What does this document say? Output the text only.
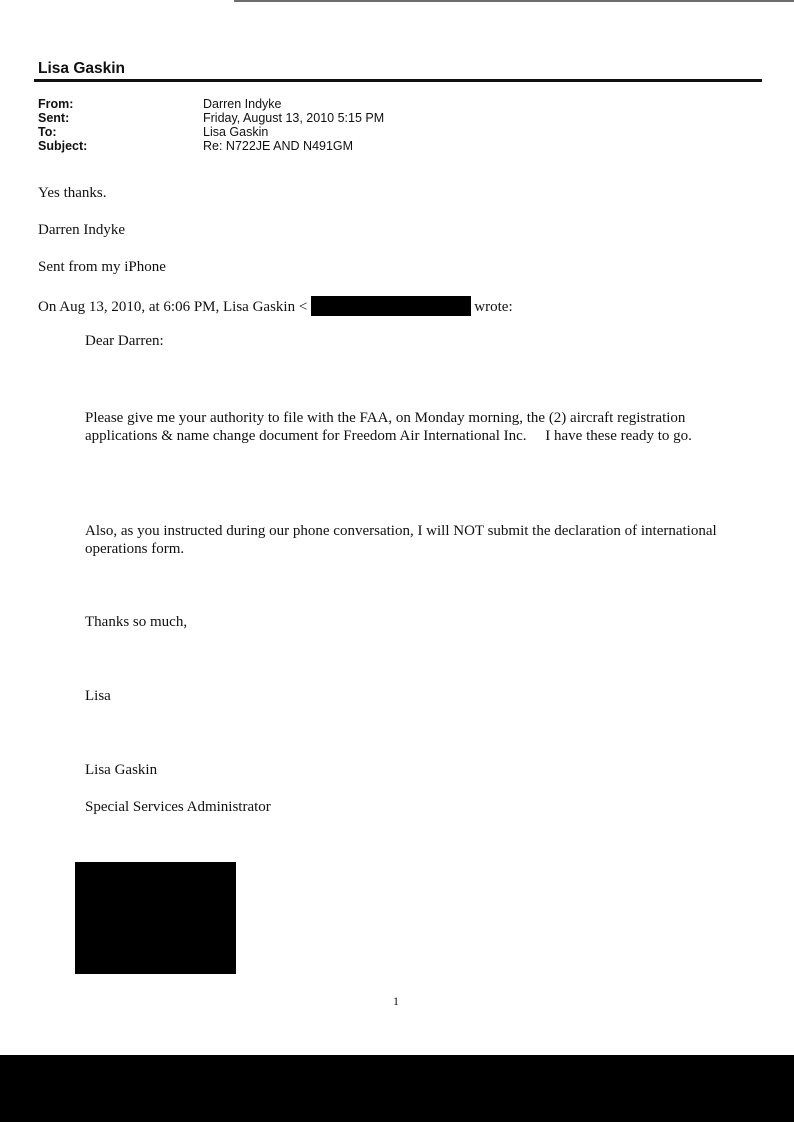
Lisa Gaskin
From:	Darren Indyke
Sent:	Friday, August 13, 2010 5:15 PM
To:	Lisa Gaskin
Subject:	Re: N722JE AND N491GM
Yes thanks.
Darren Indyke
Sent from my iPhone
On Aug 13, 2010, at 6:06 PM, Lisa Gaskin <	wrote:
Dear Darren:
Please give me your authority to file with the FAA, on Monday morning, the (2) aircraft registration applications & name change document for Freedom Air International Inc.     I have these ready to go.
Also, as you instructed during our phone conversation, I will NOT submit the declaration of international operations form.
Thanks so much,
Lisa
Lisa Gaskin
Special Services Administrator
1
